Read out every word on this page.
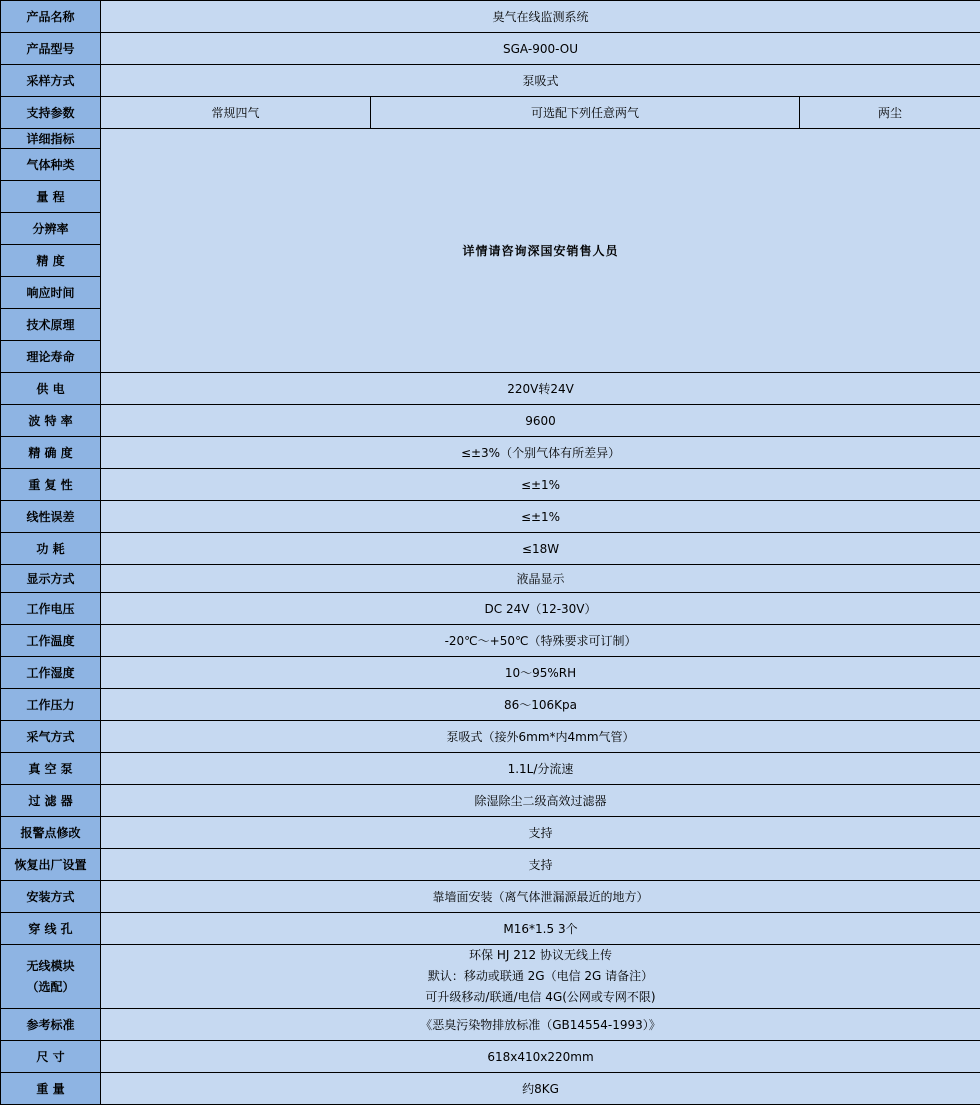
产品名称	臭气在线监测系统		
产品型号	SGA-900-OU		
采样方式	泵吸式		
支持参数	常规四气	可选配下列任意两气	两尘
详细指标	详情请咨询深国安销售人员		
气体种类			
量 程			
分辨率			
精 度			
响应时间			
技术原理			
理论寿命			
供 电	220V转24V		
波 特 率	9600		
精 确 度	≤±3%（个别气体有所差异）		
重 复 性	≤±1%		
线性误差	≤±1%		
功 耗	≤18W		
显示方式	液晶显示		
工作电压	DC 24V（12-30V）		
工作温度	-20℃～+50℃（特殊要求可订制）		
工作湿度	10～95%RH		
工作压力	86～106Kpa		
采气方式	泵吸式（接外6mm*内4mm气管）		
真 空 泵	1.1L/分流速		
过 滤 器	除湿除尘二级高效过滤器		
报警点修改	支持		
恢复出厂设置	支持		
安装方式	靠墙面安装（离气体泄漏源最近的地方）		
穿 线 孔	M16*1.5 3个		

无线模块
（选配）	环保 HJ 212 协议无线上传
默认：移动或联通 2G（电信 2G 请备注）
可升级移动/联通/电信 4G(公网或专网不限)		

参考标准	《恶臭污染物排放标准（GB14554-1993）》		
尺 寸	618x410x220mm		
重 量	约8KG		
